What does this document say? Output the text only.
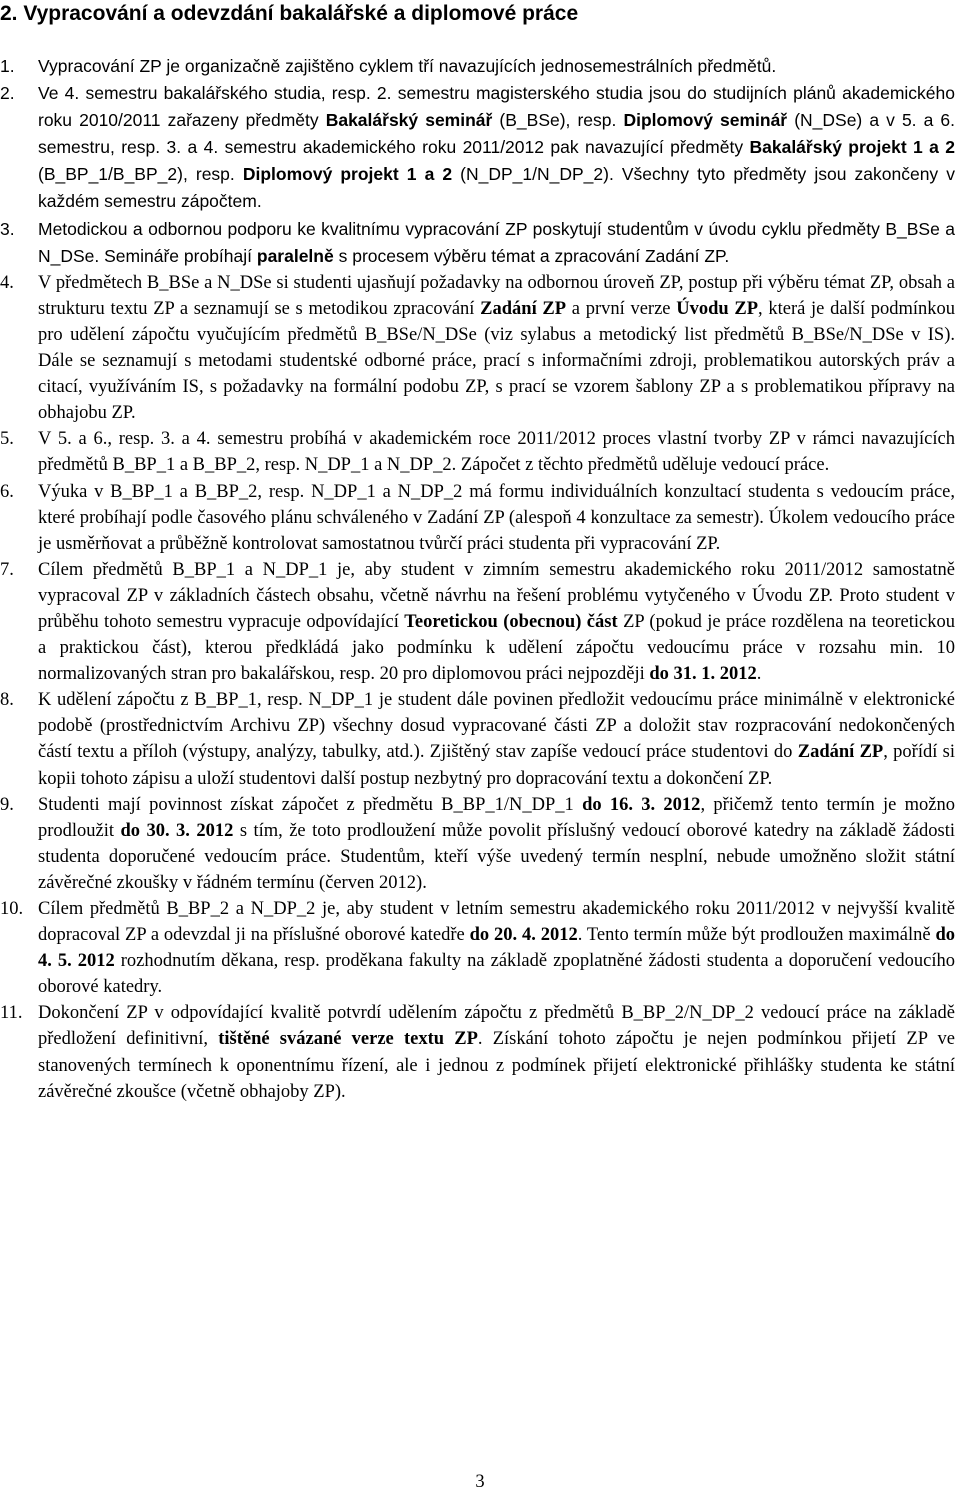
2. Vypracování a odevzdání bakalářské a diplomové práce
1.	Vypracování ZP je organizačně zajištěno cyklem tří navazujících jednosemestrálních předmětů.
2.	Ve 4. semestru bakalářského studia, resp. 2. semestru magisterského studia jsou do studijních plánů akademického roku 2010/2011 zařazeny předměty Bakalářský seminář (B_BSe), resp. Diplomový seminář (N_DSe) a v 5. a 6. semestru, resp. 3. a 4. semestru akademického roku 2011/2012 pak navazující předměty Bakalářský projekt 1 a 2 (B_BP_1/B_BP_2), resp. Diplomový projekt 1 a 2 (N_DP_1/N_DP_2). Všechny tyto předměty jsou zakončeny v každém semestru zápočtem.
3.	Metodickou a odbornou podporu ke kvalitnímu vypracování ZP poskytují studentům v úvodu cyklu předměty B_BSe a N_DSe. Semináře probíhají paralelně s procesem výběru témat a zpracování Zadání ZP.
4.	V předmětech B_BSe a N_DSe si studenti ujasňují požadavky na odbornou úroveň ZP, postup při výběru témat ZP, obsah a strukturu textu ZP a seznamují se s metodikou zpracování Zadání ZP a první verze Úvodu ZP, která je další podmínkou pro udělení zápočtu vyučujícím předmětů B_BSe/N_DSe (viz sylabus a metodický list předmětů B_BSe/N_DSe v IS). Dále se seznamují s metodami studentské odborné práce, prací s informačními zdroji, problematikou autorských práv a citací, využíváním IS, s požadavky na formální podobu ZP, s prací se vzorem šablony ZP a s problematikou přípravy na obhajobu ZP.
5.	V 5. a 6., resp. 3. a 4. semestru probíhá v akademickém roce 2011/2012 proces vlastní tvorby ZP v rámci navazujících předmětů B_BP_1 a B_BP_2, resp. N_DP_1 a N_DP_2. Zápočet z těchto předmětů uděluje vedoucí práce.
6.	Výuka v B_BP_1 a B_BP_2, resp. N_DP_1 a N_DP_2 má formu individuálních konzultací studenta s vedoucím práce, které probíhají podle časového plánu schváleného v Zadání ZP (alespoň 4 konzultace za semestr). Úkolem vedoucího práce je usměrňovat a průběžně kontrolovat samostatnou tvůrčí práci studenta při vypracování ZP.
7.	Cílem předmětů B_BP_1 a N_DP_1 je, aby student v zimním semestru akademického roku 2011/2012 samostatně vypracoval ZP v základních částech obsahu, včetně návrhu na řešení problému vytyčeného v Úvodu ZP. Proto student v průběhu tohoto semestru vypracuje odpovídající Teoretickou (obecnou) část ZP (pokud je práce rozdělena na teoretickou a praktickou část), kterou předkládá jako podmínku k udělení zápočtu vedoucímu práce v rozsahu min. 10 normalizovaných stran pro bakalářskou, resp. 20 pro diplomovou práci nejpozději do 31. 1. 2012.
8.	K udělení zápočtu z B_BP_1, resp. N_DP_1 je student dále povinen předložit vedoucímu práce minimálně v elektronické podobě (prostřednictvím Archivu ZP) všechny dosud vypracované části ZP a doložit stav rozpracování nedokončených částí textu a příloh (výstupy, analýzy, tabulky, atd.). Zjištěný stav zapíše vedoucí práce studentovi do Zadání ZP, pořídí si kopii tohoto zápisu a uloží studentovi další postup nezbytný pro dopracování textu a dokončení ZP.
9.	Studenti mají povinnost získat zápočet z předmětu B_BP_1/N_DP_1 do 16. 3. 2012, přičemž tento termín je možno prodloužit do 30. 3. 2012 s tím, že toto prodloužení může povolit příslušný vedoucí oborové katedry na základě žádosti studenta doporučené vedoucím práce. Studentům, kteří výše uvedený termín nesplní, nebude umožněno složit státní závěrečné zkoušky v řádném termínu (červen 2012).
10. Cílem předmětů B_BP_2 a N_DP_2 je, aby student v letním semestru akademického roku 2011/2012 v nejvyšší kvalitě dopracoval ZP a odevzdal ji na příslušné oborové katedře do 20. 4. 2012. Tento termín může být prodloužen maximálně do 4. 5. 2012 rozhodnutím děkana, resp. proděkana fakulty na základě zpoplatněné žádosti studenta a doporučení vedoucího oborové katedry.
11. Dokončení ZP v odpovídající kvalitě potvrdí udělením zápočtu z předmětů B_BP_2/N_DP_2 vedoucí práce na základě předložení definitivní, tištěné svázané verze textu ZP. Získání tohoto zápočtu je nejen podmínkou přijetí ZP ve stanovených termínech k oponentnímu řízení, ale i jednou z podmínek přijetí elektronické přihlášky studenta ke státní závěrečné zkoušce (včetně obhajoby ZP).
3
